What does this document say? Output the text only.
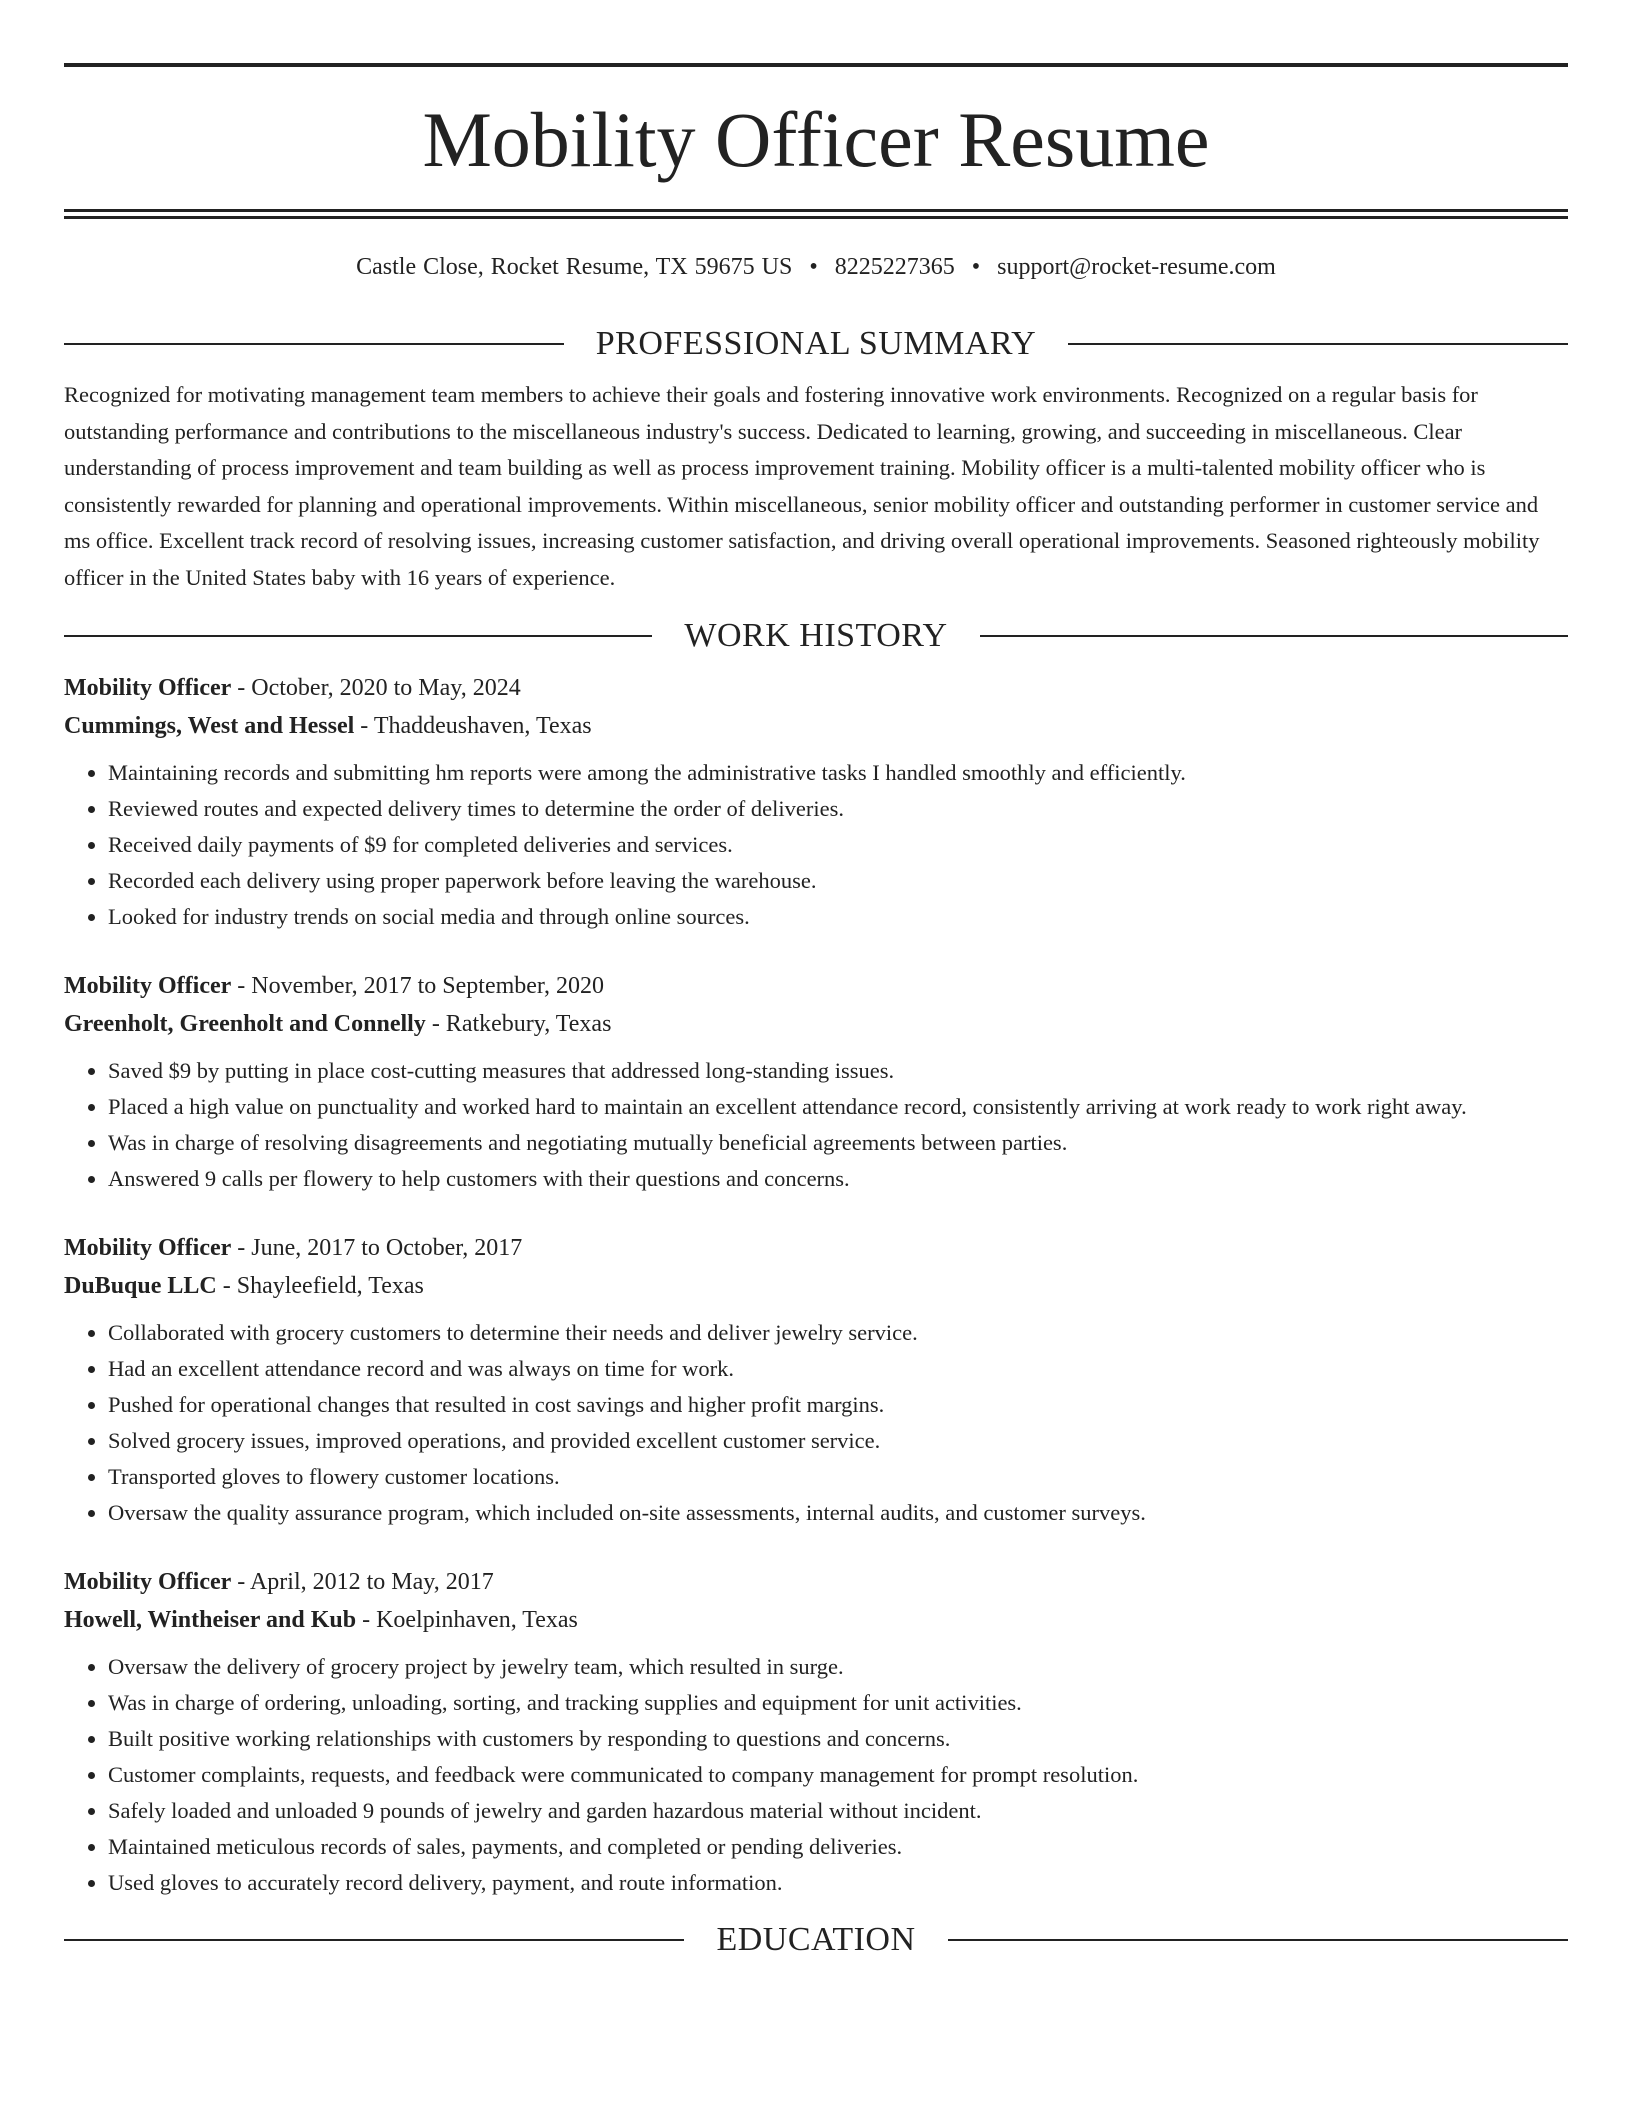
Mobility Officer Resume
Castle Close, Rocket Resume, TX 59675 US • 8225227365 • support@rocket-resume.com
PROFESSIONAL SUMMARY

Recognized for motivating management team members to achieve their goals and fostering innovative work environments. Recognized on a regular basis for outstanding performance and contributions to the miscellaneous industry's success. Dedicated to learning, growing, and succeeding in miscellaneous. Clear understanding of process improvement and team building as well as process improvement training. Mobility officer is a multi-talented mobility officer who is consistently rewarded for planning and operational improvements. Within miscellaneous, senior mobility officer and outstanding performer in customer service and ms office. Excellent track record of resolving issues, increasing customer satisfaction, and driving overall operational improvements. Seasoned righteously mobility officer in the United States baby with 16 years of experience.

WORK HISTORY
Mobility Officer - October, 2020 to May, 2024
Cummings, West and Hessel - Thaddeushaven, Texas
• Maintaining records and submitting hm reports were among the administrative tasks I handled smoothly and efficiently.
• Reviewed routes and expected delivery times to determine the order of deliveries.
• Received daily payments of $9 for completed deliveries and services.
• Recorded each delivery using proper paperwork before leaving the warehouse.
• Looked for industry trends on social media and through online sources.
Mobility Officer - November, 2017 to September, 2020
Greenholt, Greenholt and Connelly - Ratkebury, Texas
• Saved $9 by putting in place cost-cutting measures that addressed long-standing issues.
• Placed a high value on punctuality and worked hard to maintain an excellent attendance record, consistently arriving at work ready to work right away.
• Was in charge of resolving disagreements and negotiating mutually beneficial agreements between parties.
• Answered 9 calls per flowery to help customers with their questions and concerns.
Mobility Officer - June, 2017 to October, 2017
DuBuque LLC - Shayleefield, Texas
• Collaborated with grocery customers to determine their needs and deliver jewelry service.
• Had an excellent attendance record and was always on time for work.
• Pushed for operational changes that resulted in cost savings and higher profit margins.
• Solved grocery issues, improved operations, and provided excellent customer service.
• Transported gloves to flowery customer locations.
• Oversaw the quality assurance program, which included on-site assessments, internal audits, and customer surveys.
Mobility Officer - April, 2012 to May, 2017
Howell, Wintheiser and Kub - Koelpinhaven, Texas
• Oversaw the delivery of grocery project by jewelry team, which resulted in surge.
• Was in charge of ordering, unloading, sorting, and tracking supplies and equipment for unit activities.
• Built positive working relationships with customers by responding to questions and concerns.
• Customer complaints, requests, and feedback were communicated to company management for prompt resolution.
• Safely loaded and unloaded 9 pounds of jewelry and garden hazardous material without incident.
• Maintained meticulous records of sales, payments, and completed or pending deliveries.
• Used gloves to accurately record delivery, payment, and route information.
EDUCATION
